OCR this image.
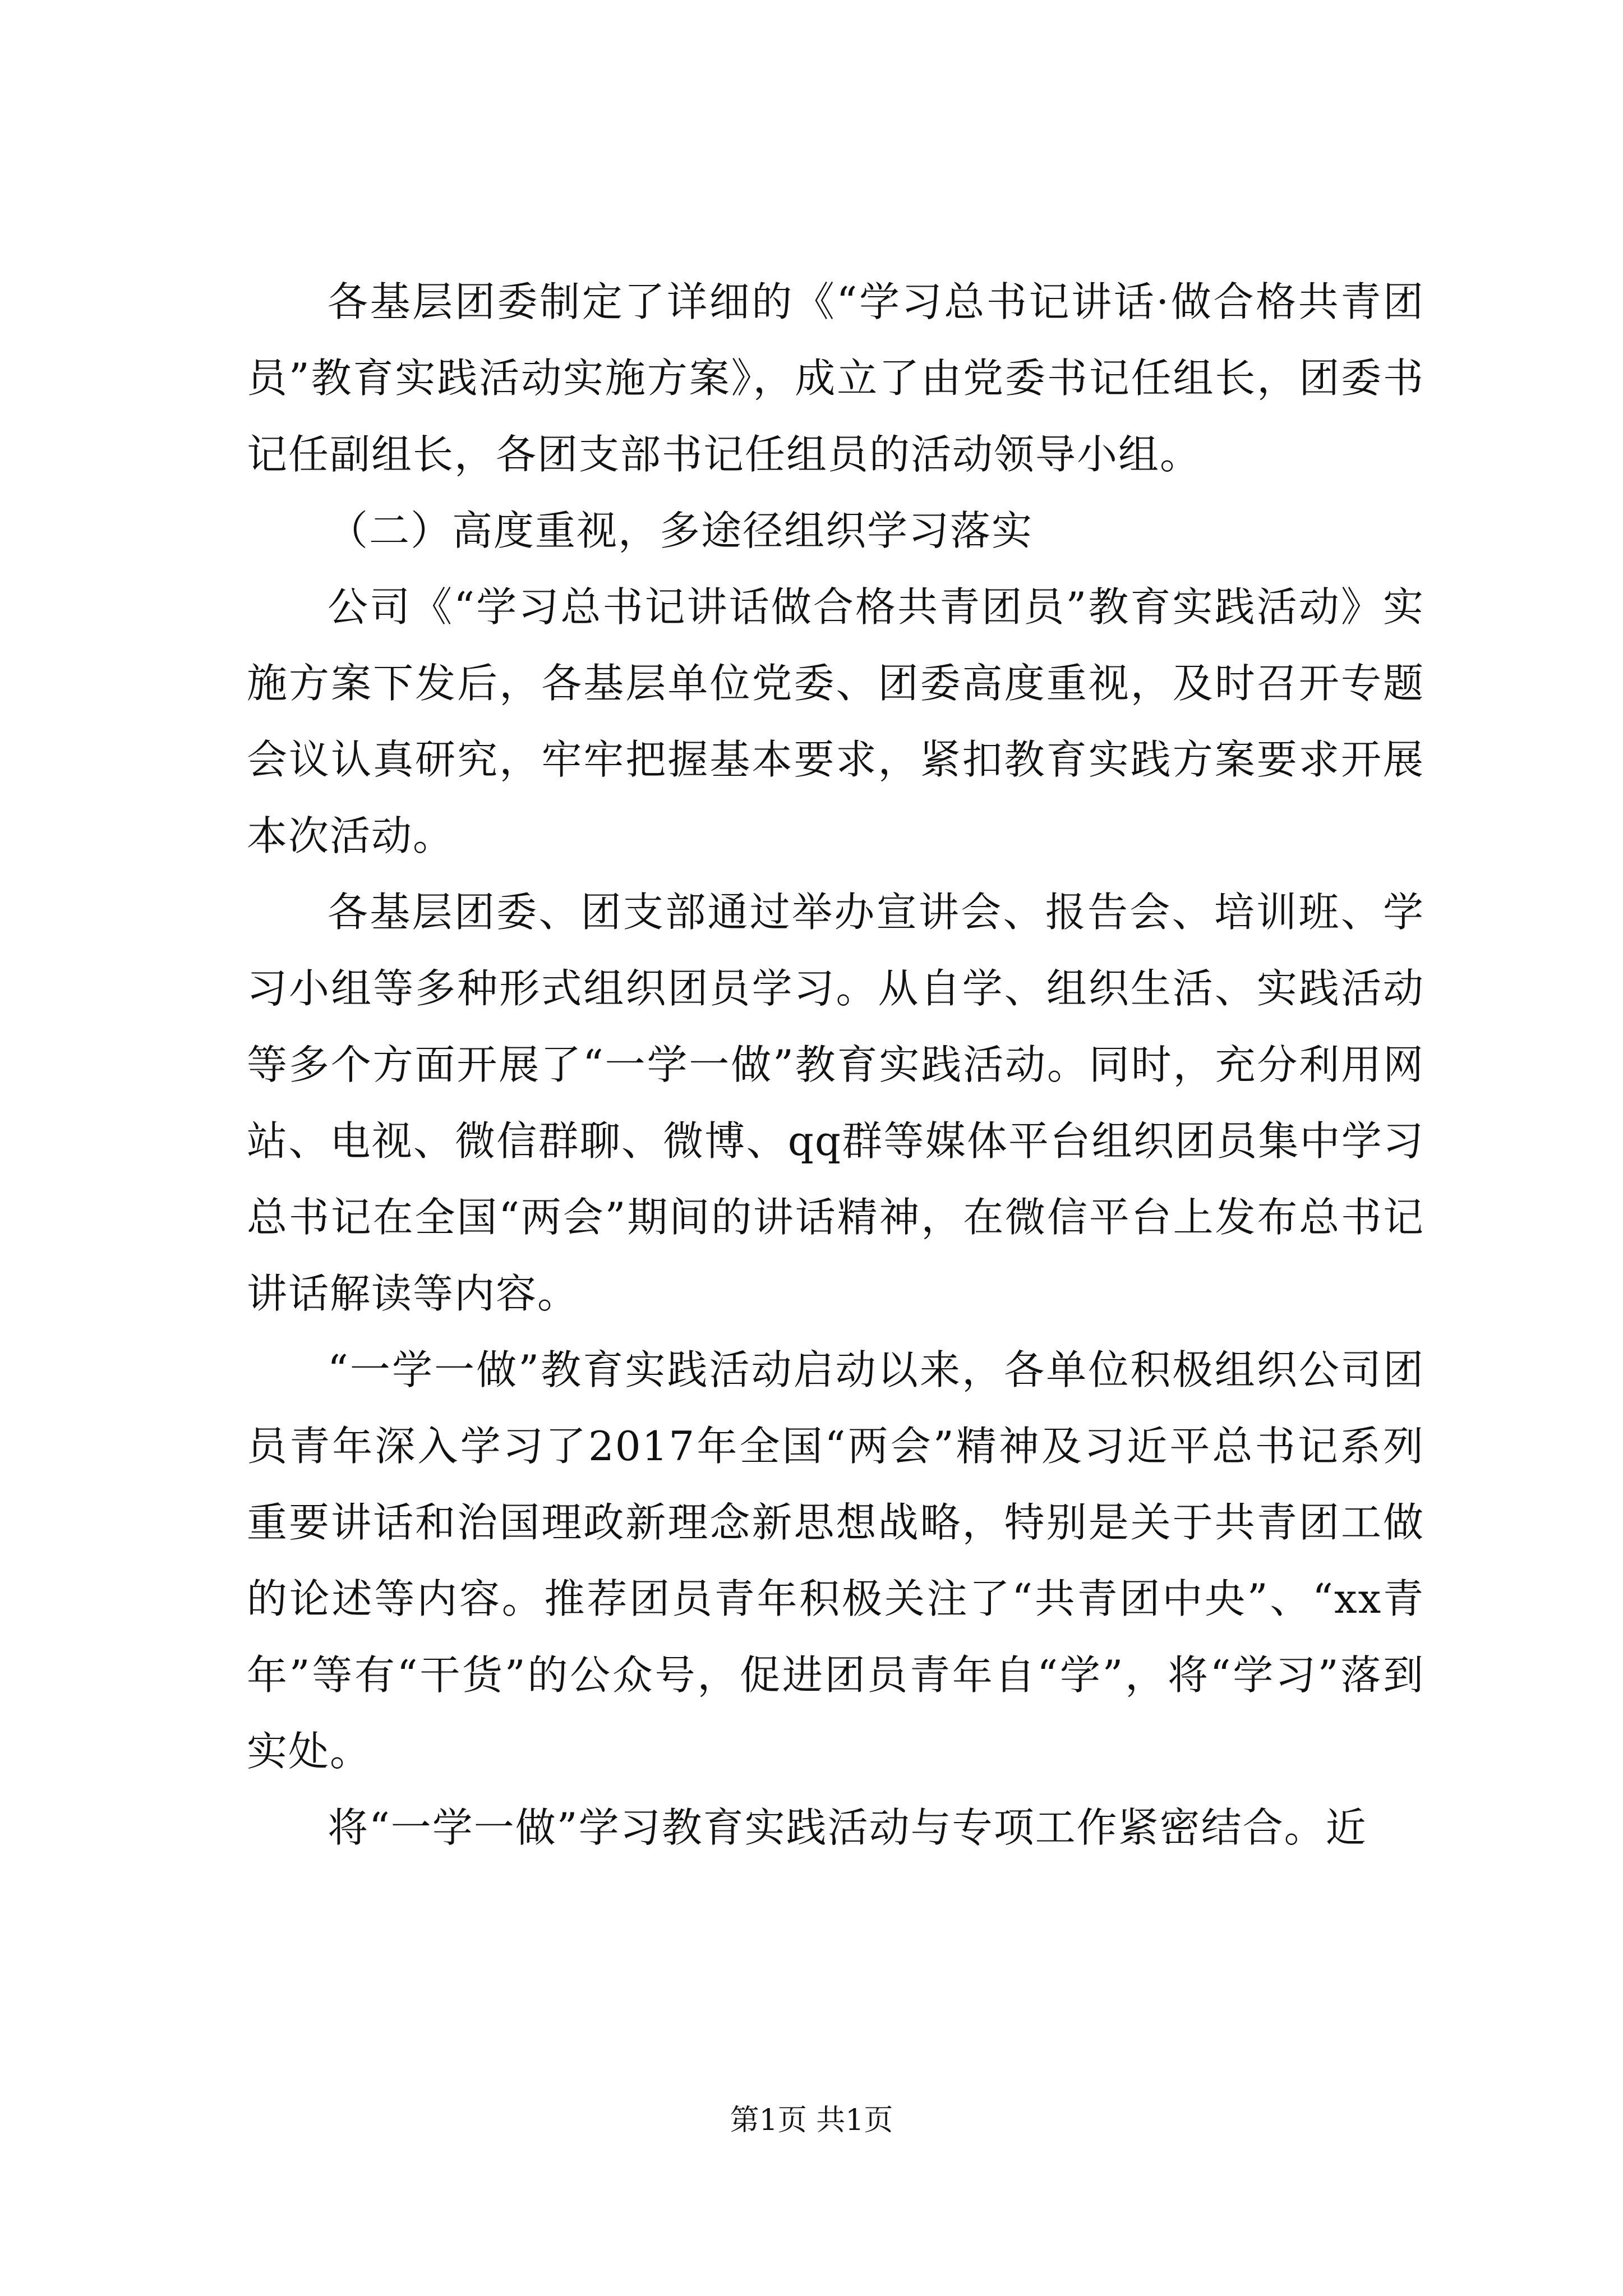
各基层团委制定了详细的《“学习总书记讲话·做合格共青团员”教育实践活动实施方案》，成立了由党委书记任组长，团委书记任副组长，各团支部书记任组员的活动领导小组。

（二）高度重视，多途径组织学习落实

公司《“学习总书记讲话做合格共青团员”教育实践活动》实施方案下发后，各基层单位党委、团委高度重视，及时召开专题会议认真研究，牢牢把握基本要求，紧扣教育实践方案要求开展本次活动。

各基层团委、团支部通过举办宣讲会、报告会、培训班、学习小组等多种形式组织团员学习。从自学、组织生活、实践活动等多个方面开展了“一学一做”教育实践活动。同时，充分利用网站、电视、微信群聊、微博、qq群等媒体平台组织团员集中学习总书记在全国“两会”期间的讲话精神，在微信平台上发布总书记讲话解读等内容。

“一学一做”教育实践活动启动以来，各单位积极组织公司团员青年深入学习了2017年全国“两会”精神及习近平总书记系列重要讲话和治国理政新理念新思想战略，特别是关于共青团工做的论述等内容。推荐团员青年积极关注了“共青团中央”、“xx青年”等有“干货”的公众号，促进团员青年自“学”，将“学习”落到实处。

将“一学一做”学习教育实践活动与专项工作紧密结合。近

第1页 共1页
